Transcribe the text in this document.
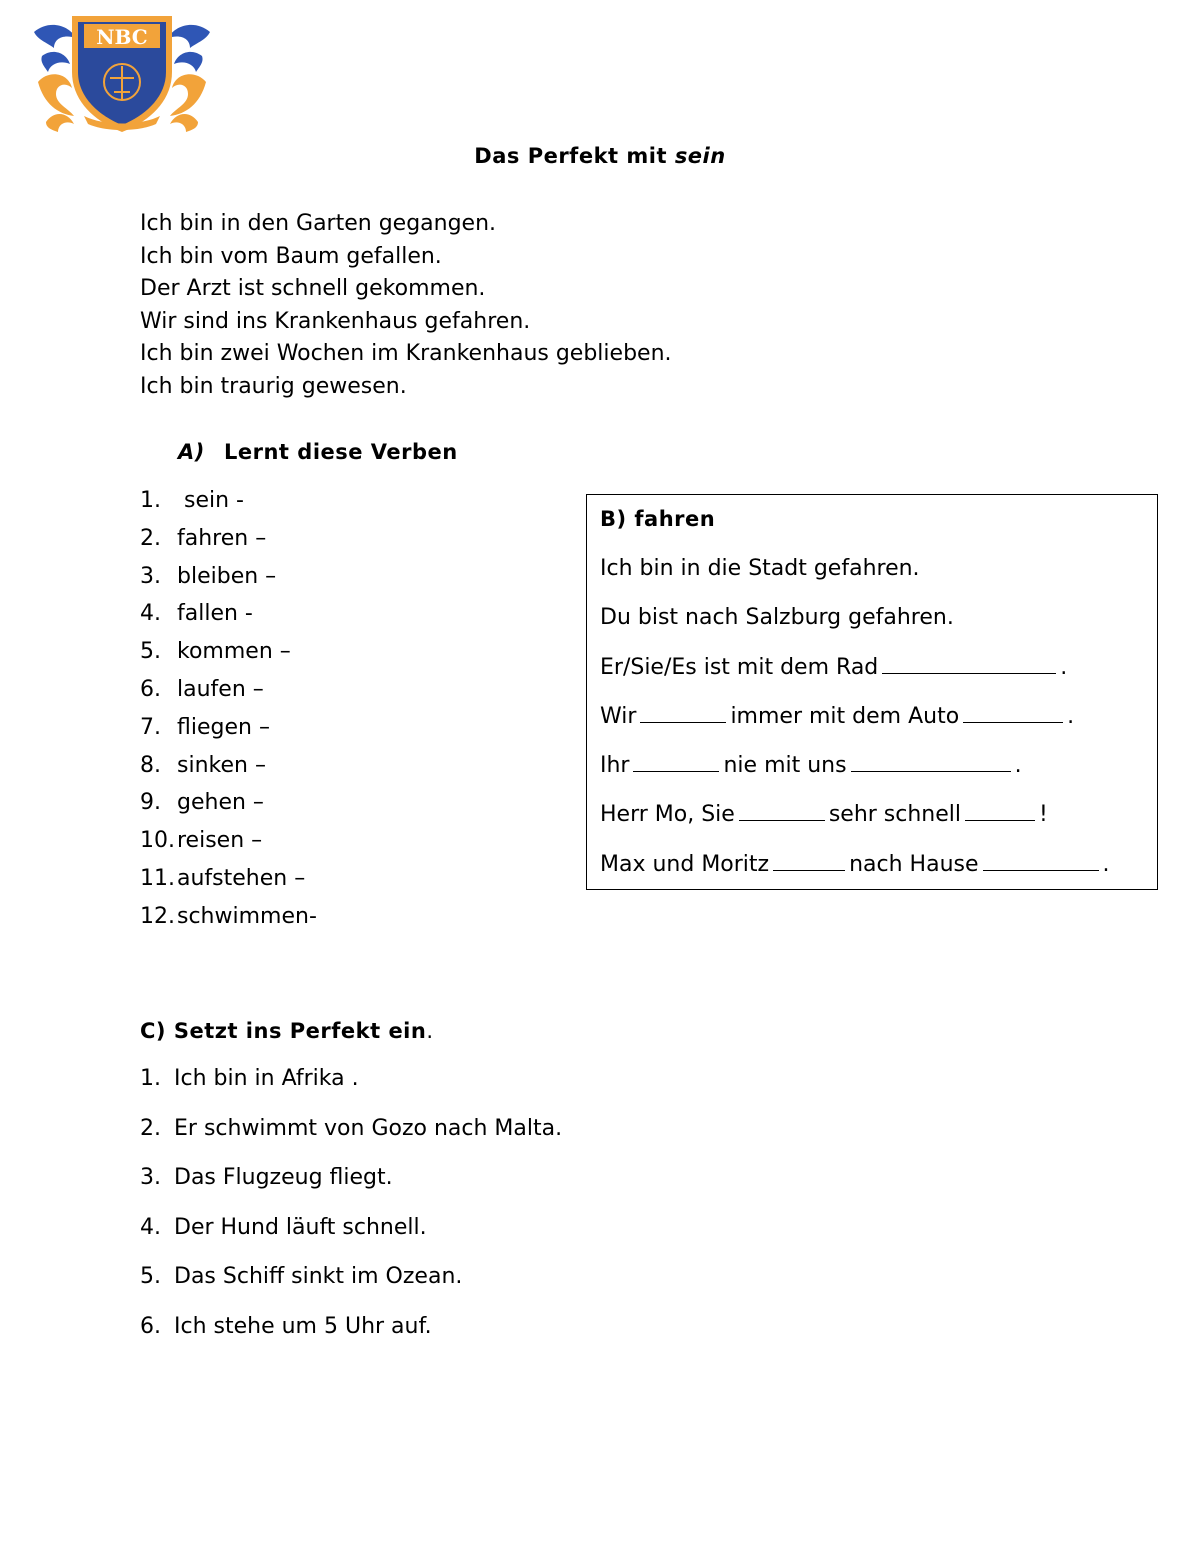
NBC
Das Perfekt mit sein
Ich bin in den Garten gegangen.
Ich bin vom Baum gefallen.
Der Arzt ist schnell gekommen.
Wir sind ins Krankenhaus gefahren.
Ich bin zwei Wochen im Krankenhaus geblieben.
Ich bin traurig gewesen.
A) Lernt diese Verben
1. sein -
2. fahren –
3. bleiben –
4. fallen -
5. kommen –
6. laufen –
7. fliegen –
8. sinken –
9. gehen –
10.reisen –
11.aufstehen –
12.schwimmen-
B) fahren
Ich bin in die Stadt gefahren.
Du bist nach Salzburg gefahren.
Er/Sie/Es ist mit dem Rad	.
Wir	immer mit dem Auto	.
Ihr	nie mit uns	.
Herr Mo, Sie	sehr schnell	!
Max und Moritz	nach Hause	.
C) Setzt ins Perfekt ein.
1. Ich bin in Afrika .
2. Er schwimmt von Gozo nach Malta.
3. Das Flugzeug fliegt.
4. Der Hund läuft schnell.
5. Das Schiff sinkt im Ozean.
6. Ich stehe um 5 Uhr auf.
